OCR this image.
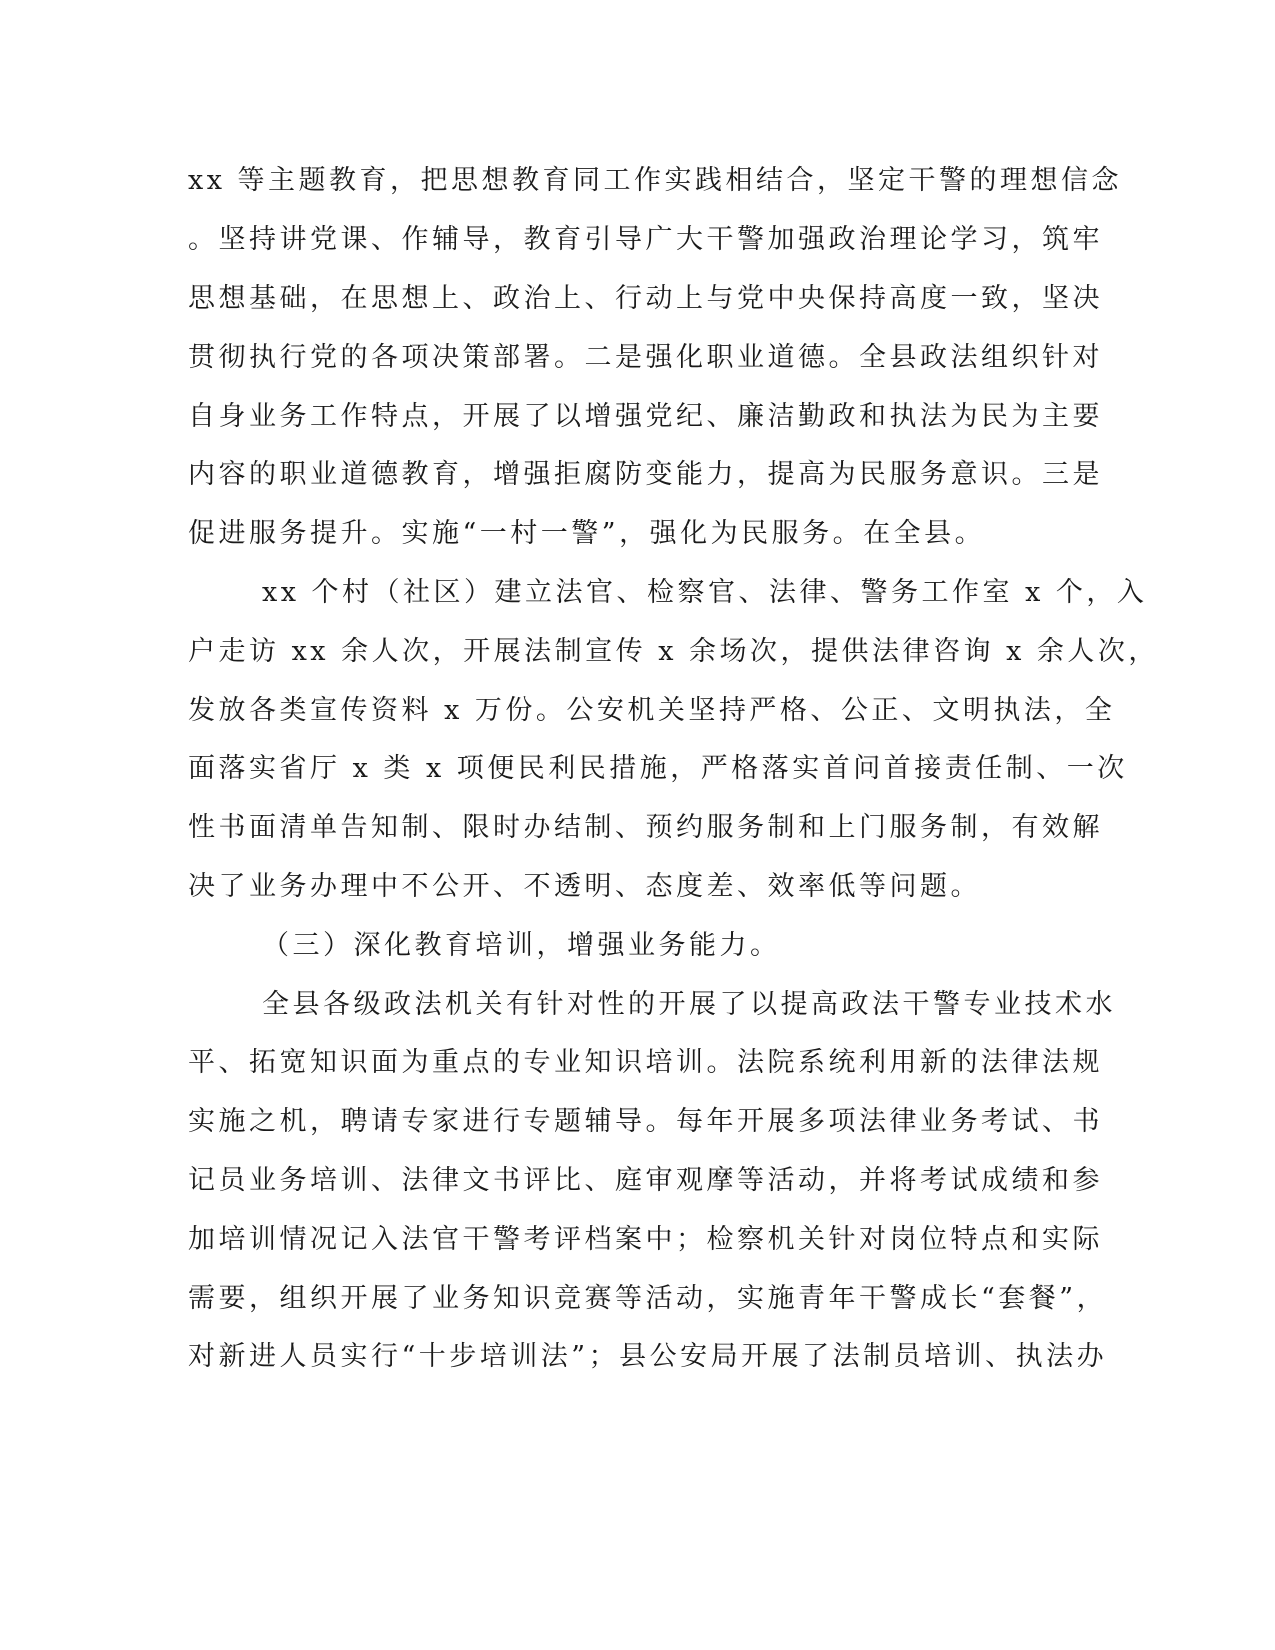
xx 等主题教育，把思想教育同工作实践相结合，坚定干警的理想信念
。坚持讲党课、作辅导，教育引导广大干警加强政治理论学习，筑牢
思想基础，在思想上、政治上、行动上与党中央保持高度一致，坚决
贯彻执行党的各项决策部署。二是强化职业道德。全县政法组织针对
自身业务工作特点，开展了以增强党纪、廉洁勤政和执法为民为主要
内容的职业道德教育，增强拒腐防变能力，提高为民服务意识。三是
促进服务提升。实施“一村一警”，强化为民服务。在全县。
xx 个村（社区）建立法官、检察官、法律、警务工作室 x 个，入
户走访 xx 余人次，开展法制宣传 x 余场次，提供法律咨询 x 余人次，
发放各类宣传资料 x 万份。公安机关坚持严格、公正、文明执法，全
面落实省厅 x 类 x 项便民利民措施，严格落实首问首接责任制、一次
性书面清单告知制、限时办结制、预约服务制和上门服务制，有效解
决了业务办理中不公开、不透明、态度差、效率低等问题。
（三）深化教育培训，增强业务能力。
全县各级政法机关有针对性的开展了以提高政法干警专业技术水
平、拓宽知识面为重点的专业知识培训。法院系统利用新的法律法规
实施之机，聘请专家进行专题辅导。每年开展多项法律业务考试、书
记员业务培训、法律文书评比、庭审观摩等活动，并将考试成绩和参
加培训情况记入法官干警考评档案中；检察机关针对岗位特点和实际
需要，组织开展了业务知识竞赛等活动，实施青年干警成长“套餐”，
对新进人员实行“十步培训法”；县公安局开展了法制员培训、执法办
